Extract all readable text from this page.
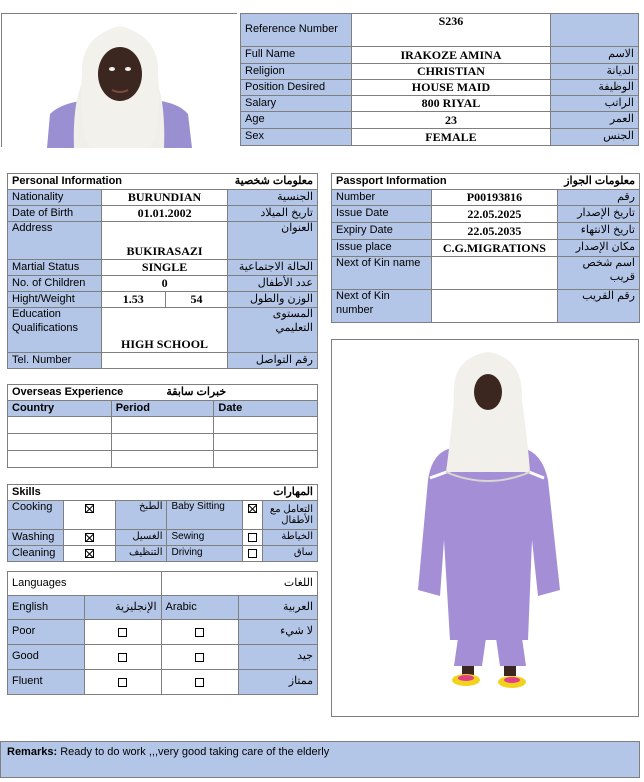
Reference Number	S236	
Full Name	IRAKOZE AMINA	الاسم
Religion	CHRISTIAN	الديانة
Position Desired	HOUSE MAID	الوظيفة
Salary	800 RIYAL	الراتب
Age	23	العمر
Sex	FEMALE	الجنس
Personal Information معلومات شخصية			

Nationality	BURUNDIAN		الجنسية
Date of Birth	01.01.2002		تاريخ الميلاد
Address	BUKIRASAZI		العنوان
Martial Status	SINGLE		الحالة الاجتماعية
No. of Children	0		عدد الأطفال
Hight/Weight	1.53	54	الوزن والطول
Education Qualifications	HIGH SCHOOL		المستوى التعليمي
Tel. Number			رقم التواصل
Passport Information معلومات الجواز		

Number	P00193816	رقم
Issue Date	22.05.2025	تاريخ الإصدار
Expiry Date	22.05.2035	تاريخ الانتهاء
Issue place	C.G.MIGRATIONS	مكان الإصدار
Next of Kin name		اسم شخص قريب
Next of Kin number		رقم القريب
Overseas Experience خبرات سابقة		
Country	Period	Date

Skills المهارات					

Cooking		الطبخ	Baby Sitting		التعامل مع الأطفال
Washing		الغسيل	Sewing		الخياطة
Cleaning		التنظيف	Driving		ساق
Languages		اللغات	
English	الإنجليزية	Arabic	العربية
Poor			لا شيء
Good			جيد
Fluent			ممتاز
Remarks: Ready to do work ,,,very good taking care of the elderly
